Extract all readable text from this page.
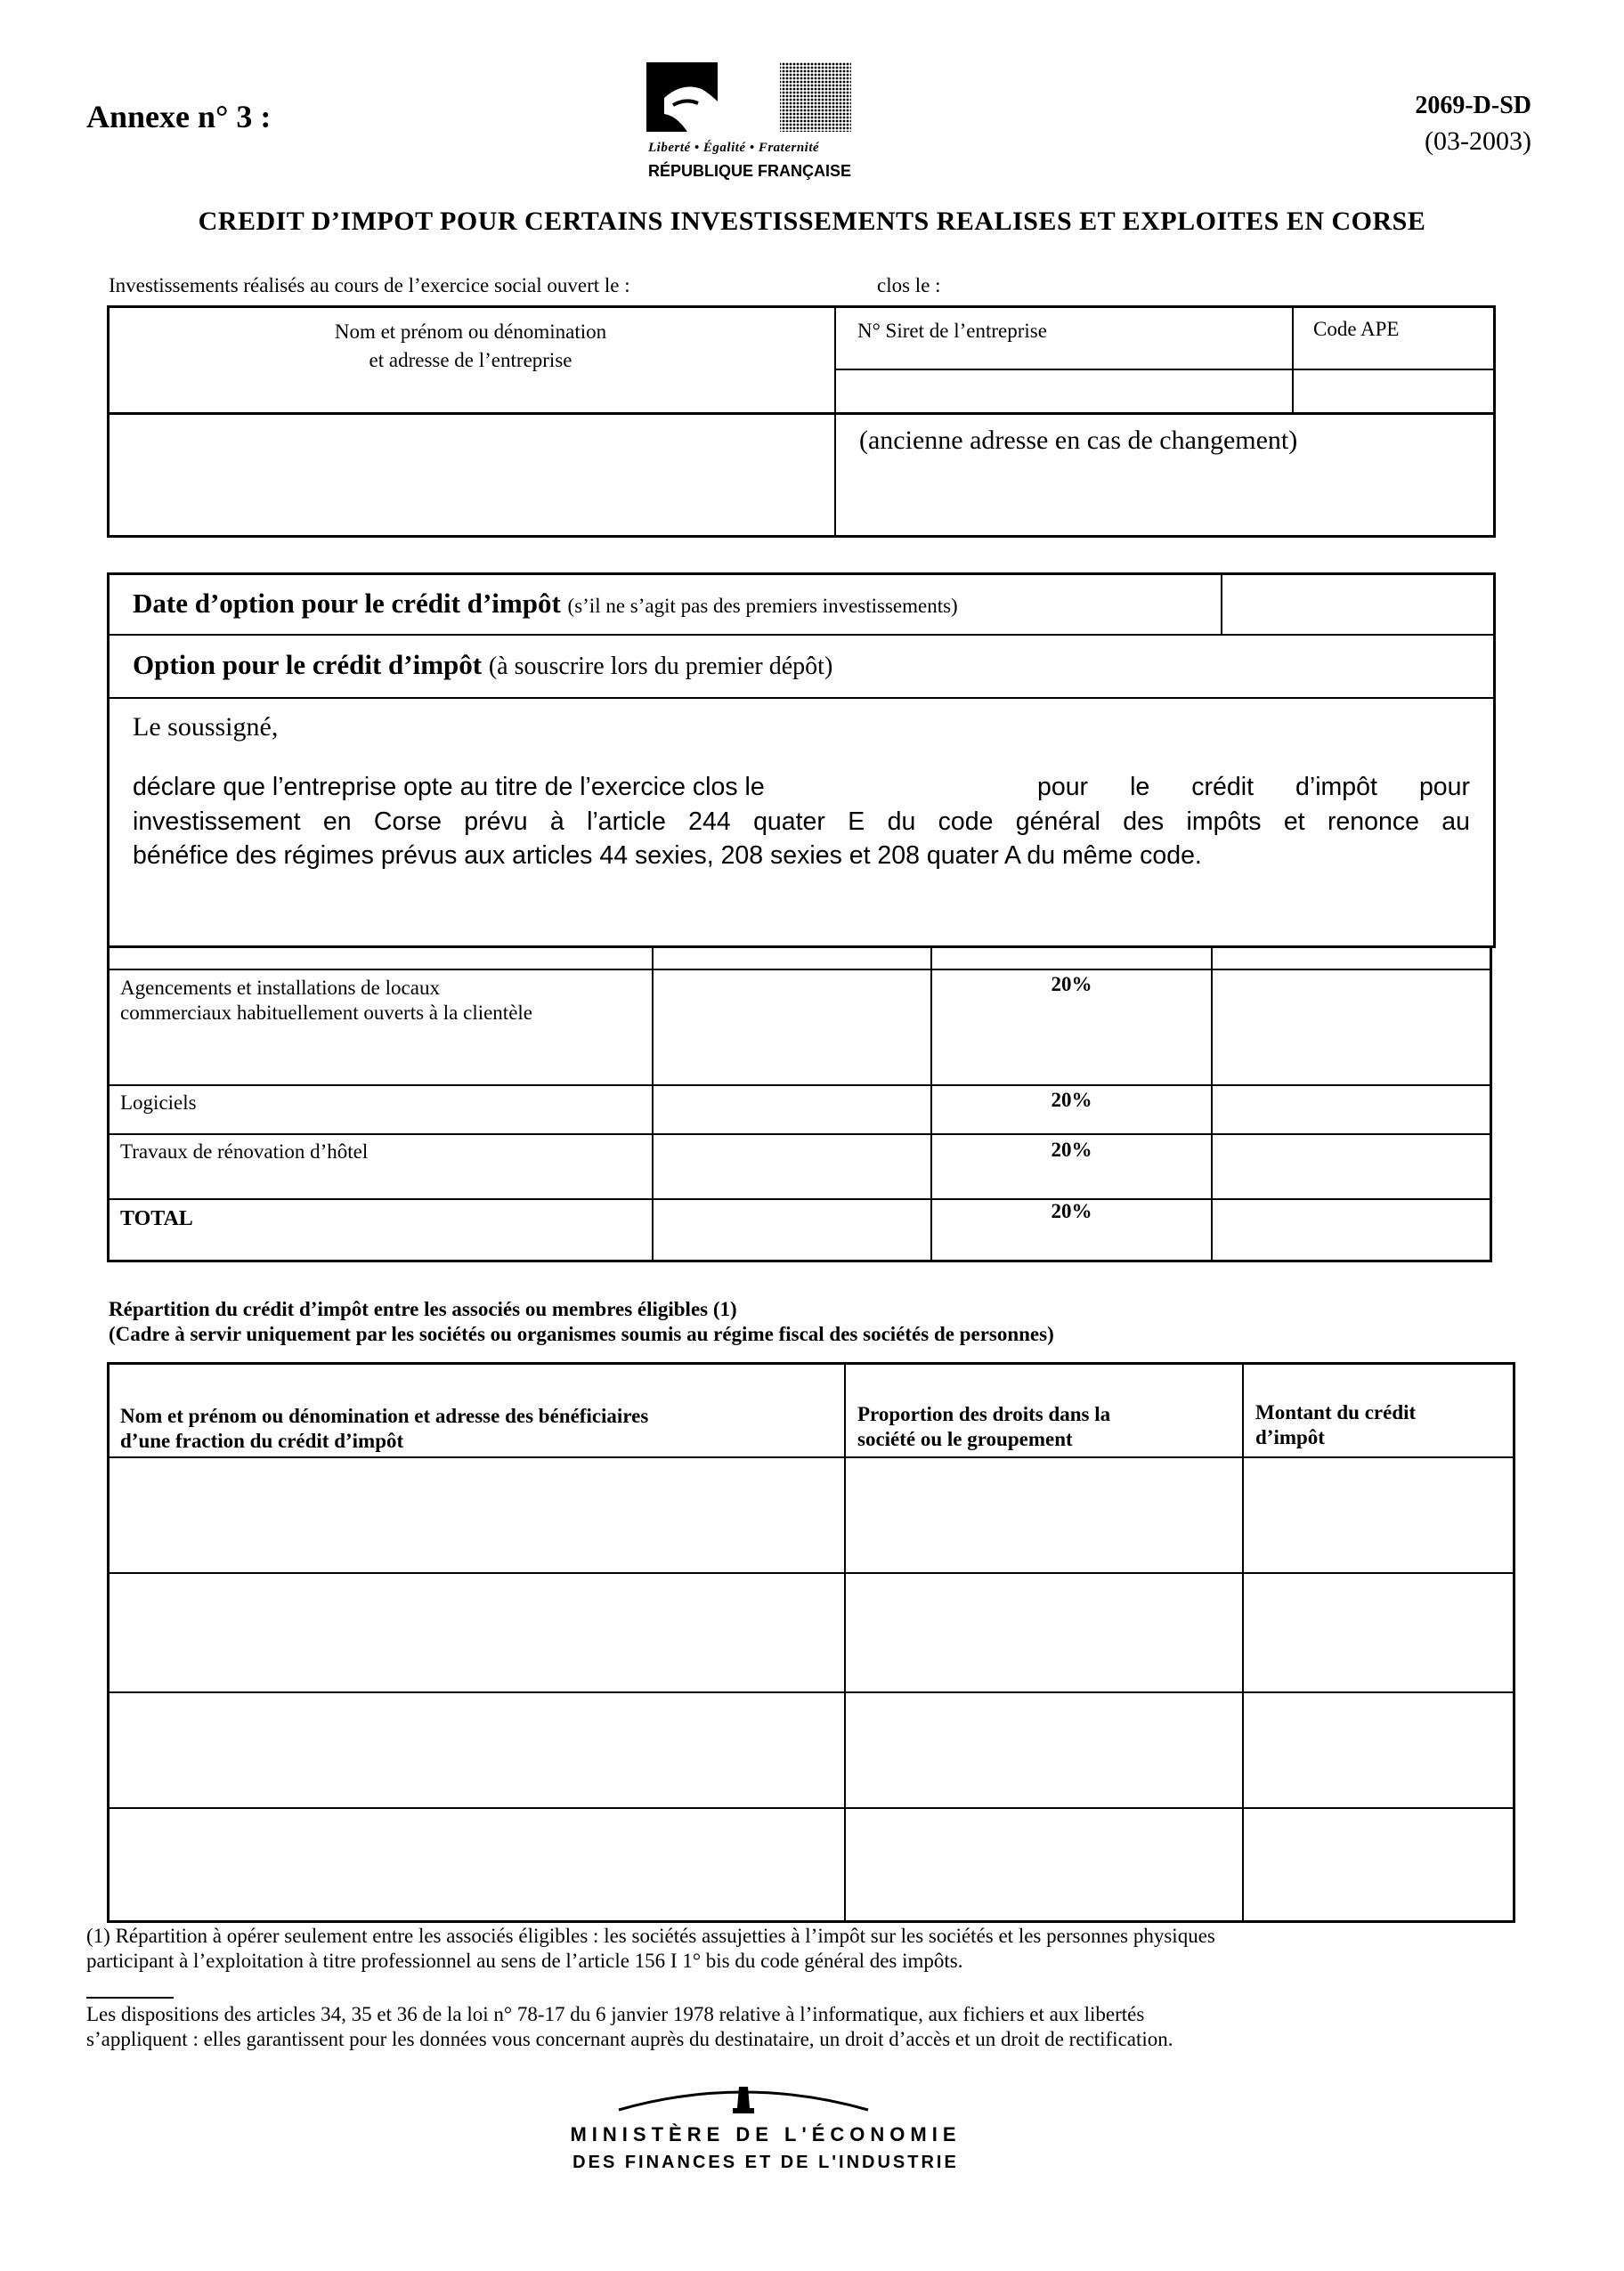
Annexe n° 3 :	2069-D-SD
(03-2003)
Liberté • Égalité • Fraternité
RÉPUBLIQUE FRANÇAISE
CREDIT D’IMPOT POUR CERTAINS INVESTISSEMENTS REALISES ET EXPLOITES EN CORSE
Investissements réalisés au cours de l’exercice social ouvert le :	clos le :
Nom et prénom ou dénomination
et adresse de l’entreprise
N° Siret de l’entreprise	Code APE
(ancienne adresse en cas de changement)
Date d’option pour le crédit d’impôt (s’il ne s’agit pas des premiers investissements)
Option pour le crédit d’impôt (à souscrire lors du premier dépôt)
Le soussigné,
déclare que l’entreprise opte au titre de l’exercice clos le	pour le crédit d’impôt pour
investissement en Corse prévu à l’article 244 quater E du code général des impôts et renonce au
bénéfice des régimes prévus aux articles 44 sexies, 208 sexies et 208 quater A du même code.
Agencements et installations de locaux
commerciaux habituellement ouverts à la clientèle
20%
Logiciels	20%
Travaux de rénovation d’hôtel	20%
TOTAL	20%
Répartition du crédit d’impôt entre les associés ou membres éligibles (1)
(Cadre à servir uniquement par les sociétés ou organismes soumis au régime fiscal des sociétés de personnes)
Nom et prénom ou dénomination et adresse des bénéficiaires
d’une fraction du crédit d’impôt
Proportion des droits dans la
société ou le groupement
Montant du crédit
d’impôt
(1) Répartition à opérer seulement entre les associés éligibles : les sociétés assujetties à l’impôt sur les sociétés et les personnes physiques
participant à l’exploitation à titre professionnel au sens de l’article 156 I 1° bis du code général des impôts.
Les dispositions des articles 34, 35 et 36 de la loi n° 78-17 du 6 janvier 1978 relative à l’informatique, aux fichiers et aux libertés
s’appliquent : elles garantissent pour les données vous concernant auprès du destinataire, un droit d’accès et un droit de rectification.
MINISTÈRE DE L'ÉCONOMIE
DES FINANCES ET DE L'INDUSTRIE
